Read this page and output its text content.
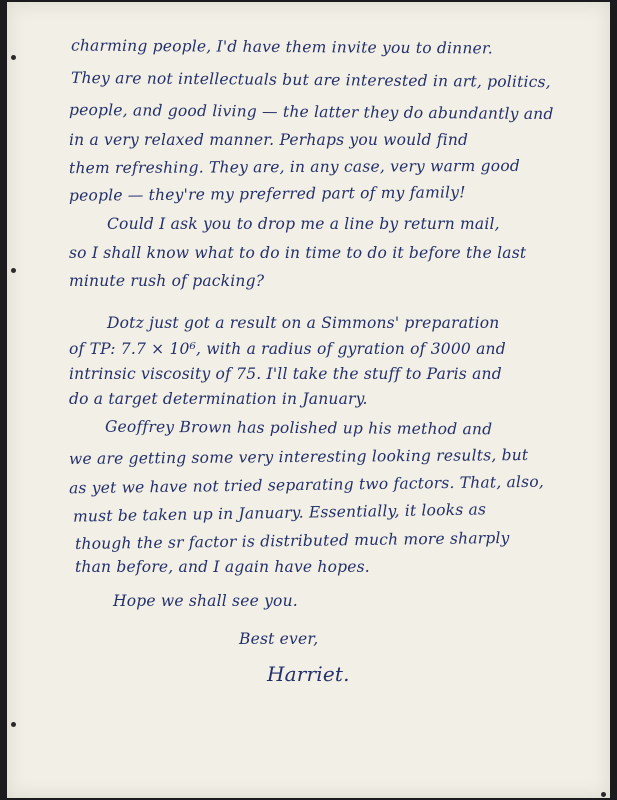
charming people, I'd have them invite you to dinner.
They are not intellectuals but are interested in art, politics,
people, and good living — the latter they do abundantly and
in a very relaxed manner. Perhaps you would find
them refreshing. They are, in any case, very warm good
people — they're my preferred part of my family!
Could I ask you to drop me a line by return mail,
so I shall know what to do in time to do it before the last
minute rush of packing?
Dotz just got a result on a Simmons' preparation
of TP: 7.7 × 10⁶, with a radius of gyration of 3000 and
intrinsic viscosity of 75. I'll take the stuff to Paris and
do a target determination in January.
Geoffrey Brown has polished up his method and
we are getting some very interesting looking results, but
as yet we have not tried separating two factors. That, also,
must be taken up in January. Essentially, it looks as
though the sr factor is distributed much more sharply
than before, and I again have hopes.
Hope we shall see you.
Best ever,
Harriet.
